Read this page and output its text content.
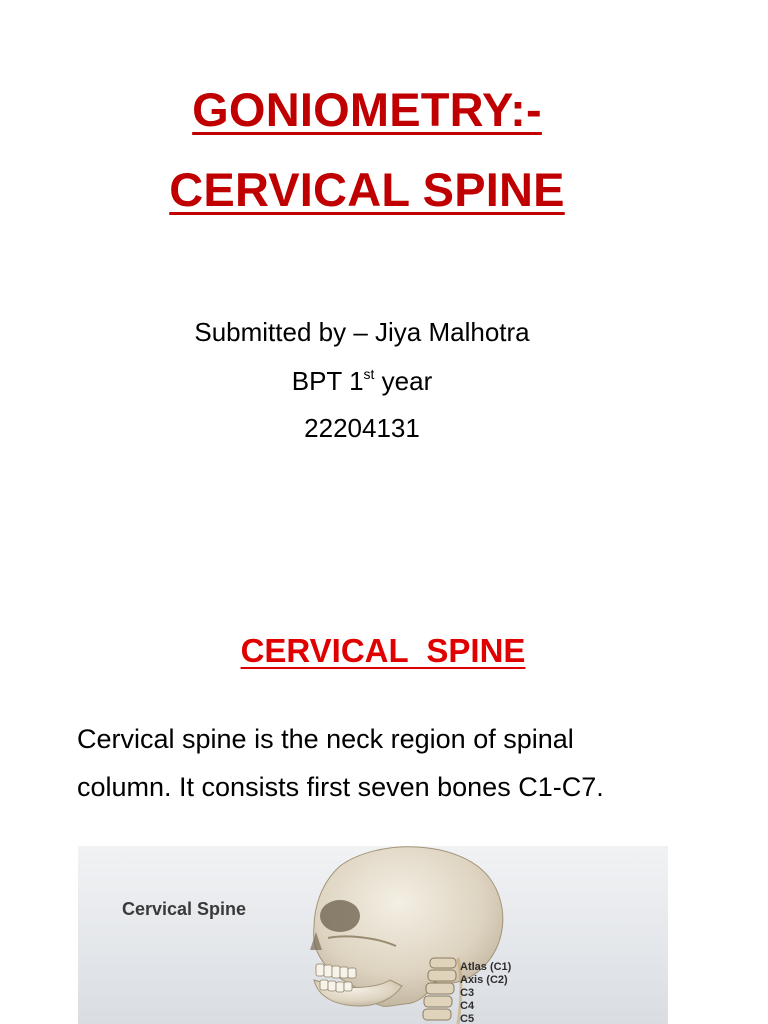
GONIOMETRY:-
CERVICAL SPINE
Submitted by – Jiya Malhotra
BPT 1st year
22204131
CERVICAL  SPINE
Cervical spine is the neck region of spinal
column. It consists first seven bones C1-C7.
Cervical Spine
Atlas (C1)
Axis (C2)
C3
C4
C5
